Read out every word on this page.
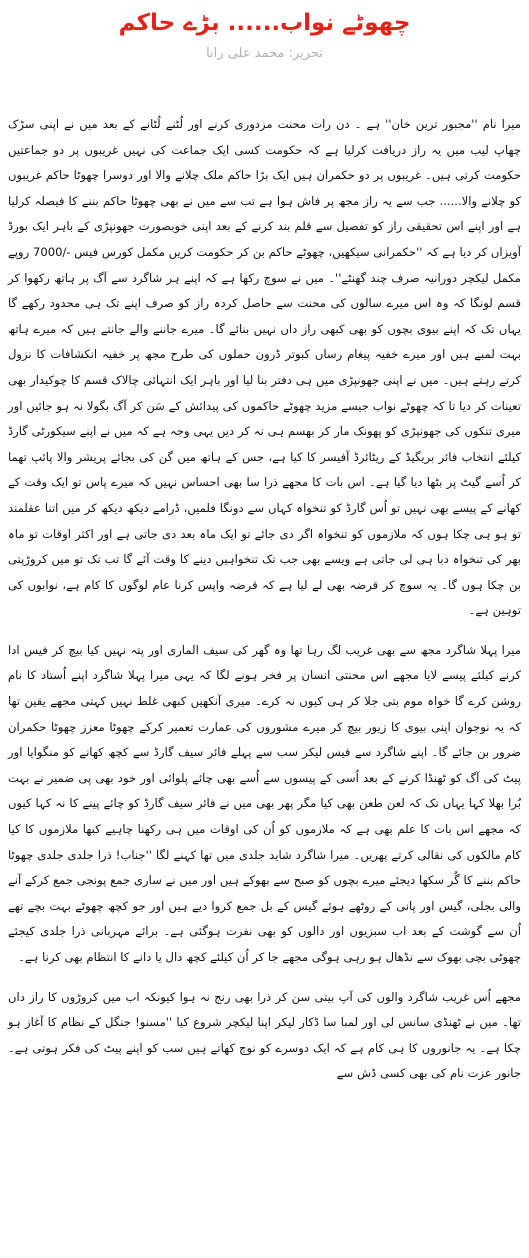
چھوٹے نواب...... بڑے حاکم
تحریر: محمد علی رانا

میرا نام ''مجبور ترین خان'' ہے ۔ دن رات محنت مزدوری کرنے اور لُٹنے لُٹانے کے بعد میں نے اپنی سڑک چھاپ لیب میں یہ راز دریافت کرلیا ہے کہ حکومت کسی ایک جماعت کی نہیں غریبوں پر دو جماعتیں حکومت کرتی ہیں۔ غریبوں پر دو حکمران ہیں ایک بڑا حاکم ملک چلانے والا اور دوسرا چھوٹا حاکم غریبوں کو چلانے والا...... جب سے یہ راز مجھ پر فاش ہوا ہے تب سے میں نے بھی چھوٹا حاکم بننے کا فیصلہ کرلیا ہے اور اپنے اس تحقیقی راز کو تفصیل سے قلم بند کرنے کے بعد اپنی خوبصورت جھونپڑی کے باہر ایک بورڈ آویزاں کر دیا ہے کہ ''حکمرانی سیکھیں، چھوٹے حاکم بن کر حکومت کریں مکمل کورس فیس -/7000 روپے مکمل لیکچر دورانیہ صرف چند گھنٹے''۔ میں نے سوچ رکھا ہے کہ اپنے ہر شاگرد سے آگ پر ہاتھ رکھوا کر قسم لونگا کہ وہ اس میرے سالوں کی محنت سے حاصل کردہ راز کو صرف اپنے تک ہی محدود رکھے گا یہاں تک کہ اپنے بیوی بچوں کو بھی کبھی راز داں نہیں بنائے گا۔ میرے جاننے والے جانتے ہیں کہ میرے ہاتھ بہت لمبے ہیں اور میرے خفیہ پیغام رساں کبوتر ڈرون حملوں کی طرح مجھ پر خفیہ انکشافات کا نزول کرتے رہتے ہیں۔ میں نے اپنی جھونپڑی میں ہی دفتر بنا لیا اور باہر ایک انتہائی چالاک قسم کا چوکیدار بھی تعینات کر دیا تا کہ چھوٹے نواب جیسے مزید چھوٹے حاکموں کی پیدائش کے سَن کر آگ بگولا نہ ہو جائیں اور میری تنکوں کی جھونپڑی کو پھونک مار کر بھسم ہی نہ کر دیں یہی وجہ ہے کہ میں نے اپنے سیکورٹی گارڈ کیلئے انتخاب فائر بریگیڈ کے ریٹائرڈ آفیسر کا کیا ہے، جس کے ہاتھ میں گن کی بجائے پریشر والا پائپ تھما کر اُسے گیٹ پر بٹھا دیا گیا ہے۔ اس بات کا مجھے ذرا سا بھی احساس نہیں کہ میرے پاس تو ایک وقت کے کھانے کے پیسے بھی نہیں تو اُس گارڈ کو تنخواہ کہاں سے دونگا فلمیں، ڈرامے دیکھ دیکھ کر میں اتنا عقلمند تو ہو ہی چکا ہوں کہ ملازموں کو تنخواہ اگر دی جائے تو ایک ماہ بعد دی جاتی ہے اور اکثر اوقات تو ماہ بھر کی تنخواہ دبا ہی لی جاتی ہے ویسے بھی جب تک تنخواہیں دینے کا وقت آئے گا تب تک تو میں کروڑپتی بن چکا ہوں گا۔ یہ سوچ کر قرضہ بھی لے لیا ہے کہ قرضہ واپس کرنا عام لوگوں کا کام ہے، نوابوں کی توہین ہے۔

میرا پہلا شاگرد مجھ سے بھی غریب لگ رہا تھا وہ گھر کی سیف الماری اور پتہ نہیں کیا بیچ کر فیس ادا کرنے کیلئے پیسے لایا مجھے اس محنتی انسان پر فخر ہونے لگا کہ یہی میرا پہلا شاگرد اپنے اُستاد کا نام روشن کرے گا خواہ موم بتی جلا کر ہی کیوں نہ کرے۔ میری آنکھیں کبھی غلط نہیں کہتی مجھے یقین تھا کہ یہ نوجوان اپنی بیوی کا زیور بیچ کر میرے مشوروں کی عمارت تعمیر کرکے چھوٹا معزز چھوٹا حکمران ضرور بن جائے گا۔ اپنے شاگرد سے فیس لیکر سب سے پہلے فائر سیف گارڈ سے کچھ کھانے کو منگوایا اور پیٹ کی آگ کو ٹھنڈا کرنے کے بعد اُسی کے پیسوں سے اُسے بھی چائے پلوائی اور خود بھی پی ضمیر نے بہت بُرا بھلا کہا یہاں تک کہ لعن طعن بھی کیا مگر پھر بھی میں نے فائر سیف گارڈ کو چائے پینے کا نہ کہا کیوں کہ مجھے اس بات کا علم بھی ہے کہ ملازموں کو اُن کی اوقات میں ہی رکھنا چاہیے کبھا ملازموں کا کیا کام مالکوں کی نقالی کرتے پھریں۔ میرا شاگرد شاید جلدی میں تھا کہنے لگا ''جناب! ذرا جلدی جلدی چھوٹا حاکم بننے کا گُر سکھا دیجئے میرے بچوں کو صبح سے بھوکے ہیں اور میں نے ساری جمع پونجی جمع کرکے آنے والی بجلی، گیس اور پانی کے روٹھے ہوئے گیس کے بل جمع کروا دیے ہیں اور جو کچھ چھوٹے بہت بچے تھے اُن سے گوشت کے بعد اب سبزیوں اور دالوں کو بھی نفرت ہوگئی ہے۔ برائے مہربانی ذرا جلدی کیجئے چھوٹی بچی بھوک سے نڈھال ہو رہی ہوگی مجھے جا کر اُن کیلئے کچھ دال یا دانے کا انتظام بھی کرنا ہے۔

مجھے اُس غریب شاگرد والوں کی آپ بیتی سن کر ذرا بھی رنج نہ ہوا کیونکہ اب میں کروڑوں کا راز داں تھا۔ میں نے ٹھنڈی سانس لی اور لمبا سا ڈکار لیکر اپنا لیکچر شروع کیا ''مسنو! جنگل کے نظام کا آغاز ہو چکا ہے۔ یہ جانوروں کا ہی کام ہے کہ ایک دوسرے کو نوچ کھاتے ہیں سب کو اپنے پیٹ کی فکر ہوتی ہے۔ جانور عزت نام کی بھی کسی ڈش سے
